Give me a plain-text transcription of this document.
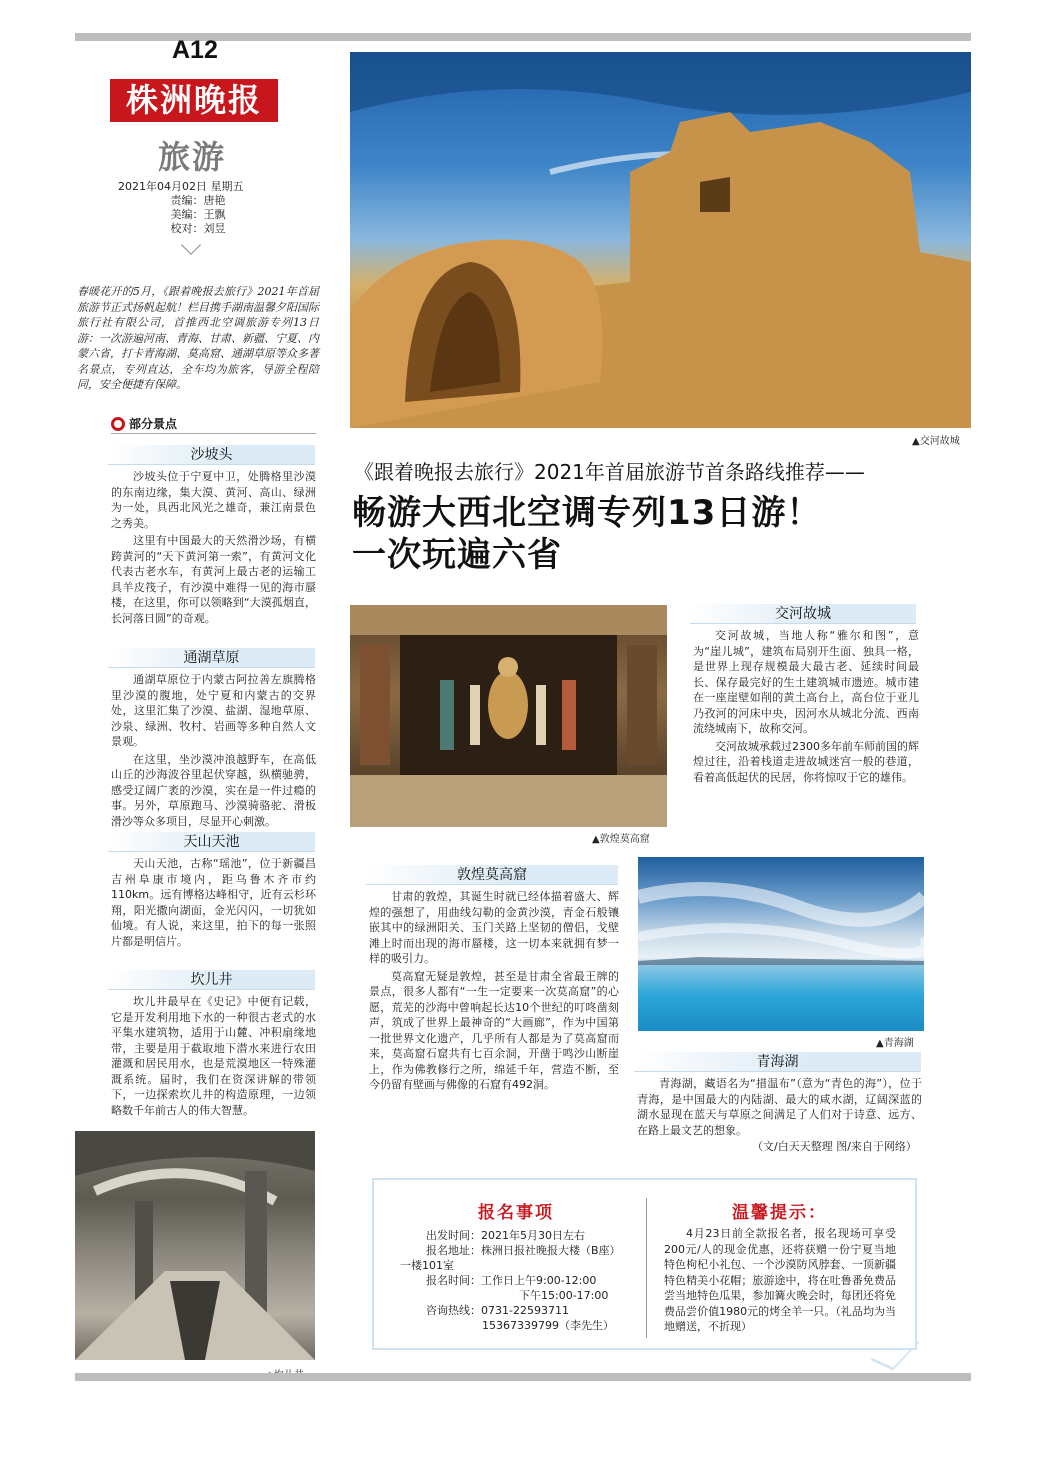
A12
株洲晚报
旅游
2021年04月02日 星期五
责编：唐艳
美编：王飘
校对：刘昱
春暖花开的5月，《跟着晚报去旅行》2021年首届旅游节正式扬帆起航！栏目携手湖南温馨夕阳国际旅行社有限公司，首推西北空调旅游专列13日游：一次游遍河南、青海、甘肃、新疆、宁夏、内蒙六省，打卡青海湖、莫高窟、通湖草原等众多著名景点，专列直达，全车均为旅客，导游全程陪同，安全便捷有保障。
部分景点
沙坡头

沙坡头位于宁夏中卫，处腾格里沙漠的东南边缘，集大漠、黄河、高山、绿洲为一处，具西北风光之雄奇，兼江南景色之秀美。

这里有中国最大的天然滑沙场，有横跨黄河的“天下黄河第一索”，有黄河文化代表古老水车，有黄河上最古老的运输工具羊皮筏子，有沙漠中难得一见的海市蜃楼，在这里，你可以领略到“大漠孤烟直，长河落日圆”的奇观。

通湖草原

通湖草原位于内蒙古阿拉善左旗腾格里沙漠的腹地，处宁夏和内蒙古的交界处，这里汇集了沙漠、盐湖、湿地草原、沙泉、绿洲、牧村、岩画等多种自然人文景观。

在这里，坐沙漠冲浪越野车，在高低山丘的沙海波谷里起伏穿越，纵横驰骋，感受辽阔广袤的沙漠，实在是一件过瘾的事。另外，草原跑马、沙漠骑骆驼、滑板滑沙等众多项目，尽显开心刺激。

天山天池

天山天池，古称“瑶池”，位于新疆昌吉州阜康市境内，距乌鲁木齐市约110km。远有博格达峰相守，近有云杉环翔，阳光撒向湖面，金光闪闪，一切犹如仙境。有人说，来这里，拍下的每一张照片都是明信片。

坎儿井

坎儿井最早在《史记》中便有记载，它是开发利用地下水的一种很古老式的水平集水建筑物，适用于山麓、冲积扇缘地带，主要是用于截取地下潜水来进行农田灌溉和居民用水，也是荒漠地区一特殊灌溉系统。届时，我们在资深讲解的带领下，一边探索坎儿井的构造原理，一边领略数千年前古人的伟大智慧。

▲交河故城
《跟着晚报去旅行》2021年首届旅游节首条路线推荐——
畅游大西北空调专列13日游！
一次玩遍六省
▲敦煌莫高窟
交河故城

交河故城，当地人称“雅尔和图”，意为“崖儿城”，建筑布局别开生面、独具一格，是世界上现存规模最大最古老、延续时间最长、保存最完好的生土建筑城市遗迹。城市建在一座崖壁如削的黄土高台上，高台位于亚儿乃孜河的河床中央，因河水从城北分流、西南流绕城南下，故称交河。

交河故城承载过2300多年前车师前国的辉煌过往，沿着栈道走进故城迷宫一般的巷道，看着高低起伏的民居，你将惊叹于它的雄伟。

敦煌莫高窟

甘肃的敦煌，其诞生时就已经体描着盛大、辉煌的强想了，用曲线勾勒的金黄沙漠，青金石般镶嵌其中的绿洲阳关、玉门关路上坚韧的僧侣，戈壁滩上时而出现的海市蜃楼，这一切本来就拥有梦一样的吸引力。

莫高窟无疑是敦煌，甚至是甘肃全省最王牌的景点，很多人都有“一生一定要来一次莫高窟”的心愿，荒芜的沙海中曾响起长达10个世纪的叮咚凿刻声，筑成了世界上最神奇的“大画廊”，作为中国第一批世界文化遗产，几乎所有人都是为了莫高窟而来，莫高窟石窟共有七百余洞，开凿于鸣沙山断崖上，作为佛教修行之所，绵延千年，营造不断，至今仍留有壁画与佛像的石窟有492洞。

▲青海湖
青海湖

青海湖，藏语名为“措温布”（意为“青色的海”），位于青海，是中国最大的内陆湖、最大的咸水湖，辽阔深蓝的湖水显现在蓝天与草原之间满足了人们对于诗意、远方、在路上最文艺的想象。

（文/白天天整理 图/来自于网络）
报名事项
出发时间：2021年5月30日左右
报名地址：株洲日报社晚报大楼（B座）
一楼101室
报名时间：工作日上午9:00-12:00
下午15:00-17:00
咨询热线：0731-22593711
15367339799（李先生）
温馨提示：
4月23日前全款报名者，报名现场可享受200元/人的现金优惠，还将获赠一份宁夏当地特色枸杞小礼包、一个沙漠防风脖套、一顶新疆特色精美小花帽；旅游途中，将在吐鲁番免费品尝当地特色瓜果，参加篝火晚会时，每团还将免费品尝价值1980元的烤全羊一只。（礼品均为当地赠送，不折现）
